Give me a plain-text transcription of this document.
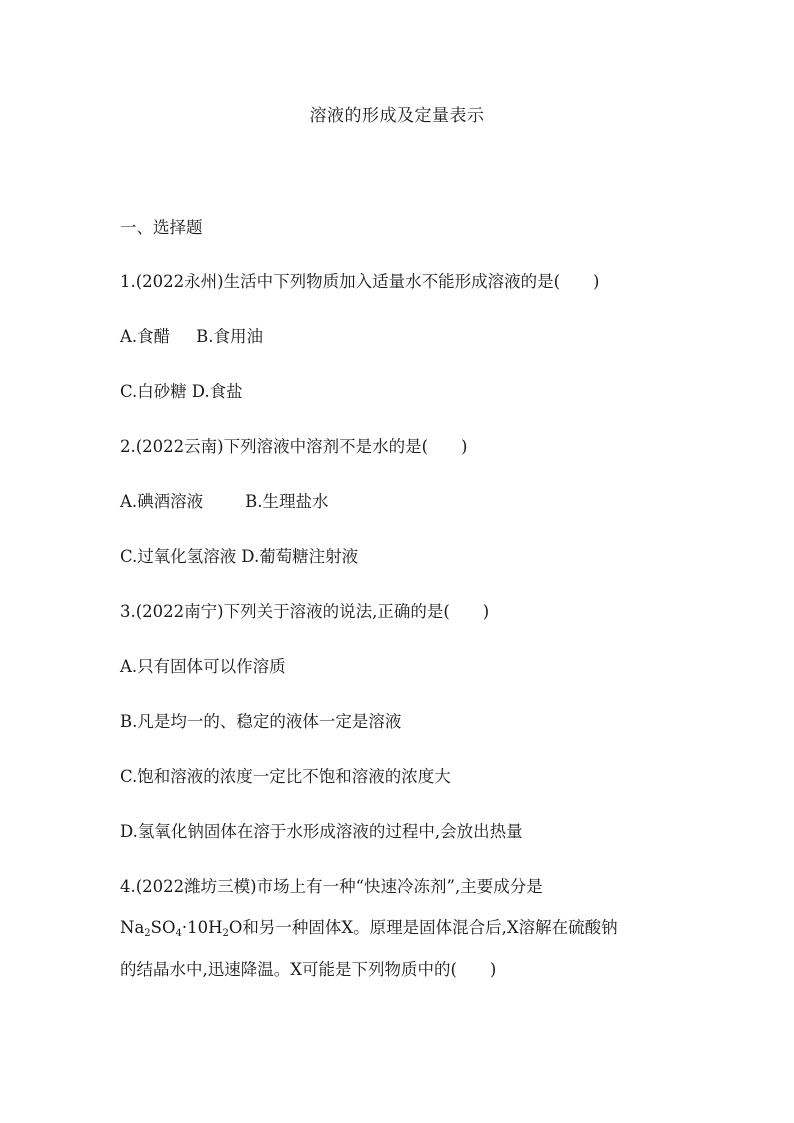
溶液的形成及定量表示
一、选择题
1.(2022永州)生活中下列物质加入适量水不能形成溶液的是(　　)
A.食醋 B.食用油
C.白砂糖 D.食盐
2.(2022云南)下列溶液中溶剂不是水的是(　　)
A.碘酒溶液	B.生理盐水
C.过氧化氢溶液 D.葡萄糖注射液
3.(2022南宁)下列关于溶液的说法,正确的是(　　)
A.只有固体可以作溶质
B.凡是均一的、稳定的液体一定是溶液
C.饱和溶液的浓度一定比不饱和溶液的浓度大
D.氢氧化钠固体在溶于水形成溶液的过程中,会放出热量
4.(2022潍坊三模)市场上有一种“快速冷冻剂”,主要成分是
$Na_2SO_4\cdot 10H_2O$和另一种固体X。原理是固体混合后,X溶解在硫酸钠
的结晶水中,迅速降温。X可能是下列物质中的(　　)
